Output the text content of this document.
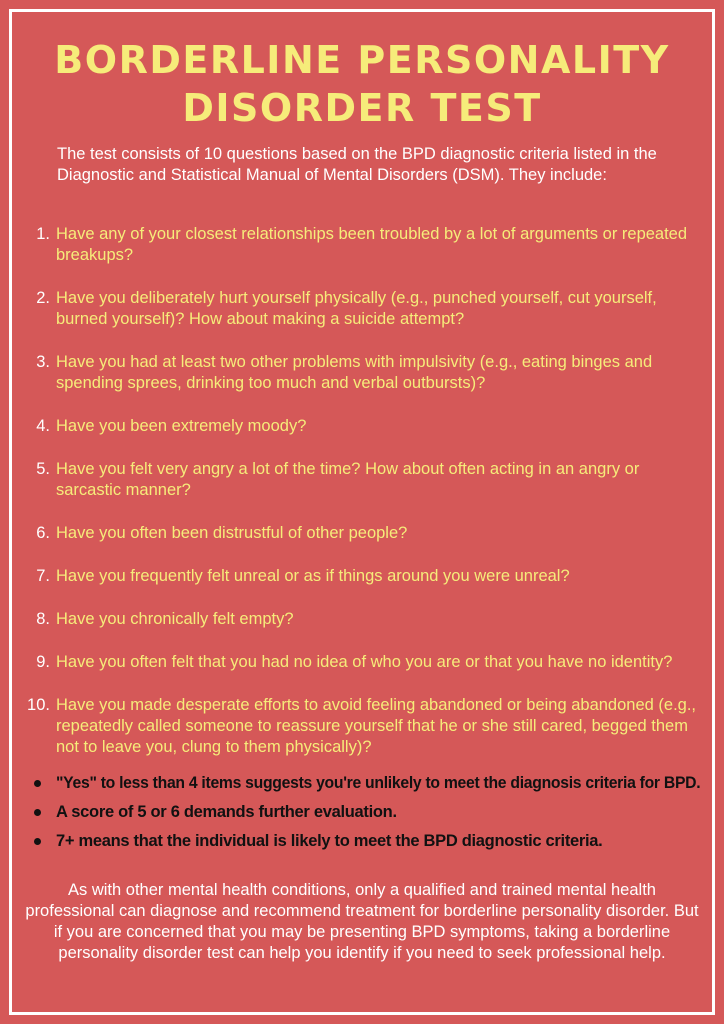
BORDERLINE PERSONALITY
DISORDER TEST

The test consists of 10 questions based on the BPD diagnostic criteria listed in the Diagnostic and Statistical Manual of Mental Disorders (DSM). They include:

1 . Have any of your closest relationships been troubled by a lot of arguments or repeated breakups?
2 . Have you deliberately hurt yourself physically (e.g., punched yourself, cut yourself, burned yourself)? How about making a suicide attempt?
3 . Have you had at least two other problems with impulsivity (e.g., eating binges and spending sprees, drinking too much and verbal outbursts)?
4 . Have you been extremely moody?
5 . Have you felt very angry a lot of the time? How about often acting in an angry or sarcastic manner?
6 . Have you often been distrustful of other people?
7 . Have you frequently felt unreal or as if things around you were unreal?
8 . Have you chronically felt empty?
9 . Have you often felt that you had no idea of who you are or that you have no identity?
10 . Have you made desperate efforts to avoid feeling abandoned or being abandoned (e.g., repeatedly called someone to reassure yourself that he or she still cared, begged them not to leave you, clung to them physically)?
"Yes" to less than 4 items suggests you're unlikely to meet the diagnosis criteria for BPD.
A score of 5 or 6 demands further evaluation.
7+ means that the individual is likely to meet the BPD diagnostic criteria.

As with other mental health conditions, only a qualified and trained mental health professional can diagnose and recommend treatment for borderline personality disorder. But if you are concerned that you may be presenting BPD symptoms, taking a borderline personality disorder test can help you identify if you need to seek professional help.
